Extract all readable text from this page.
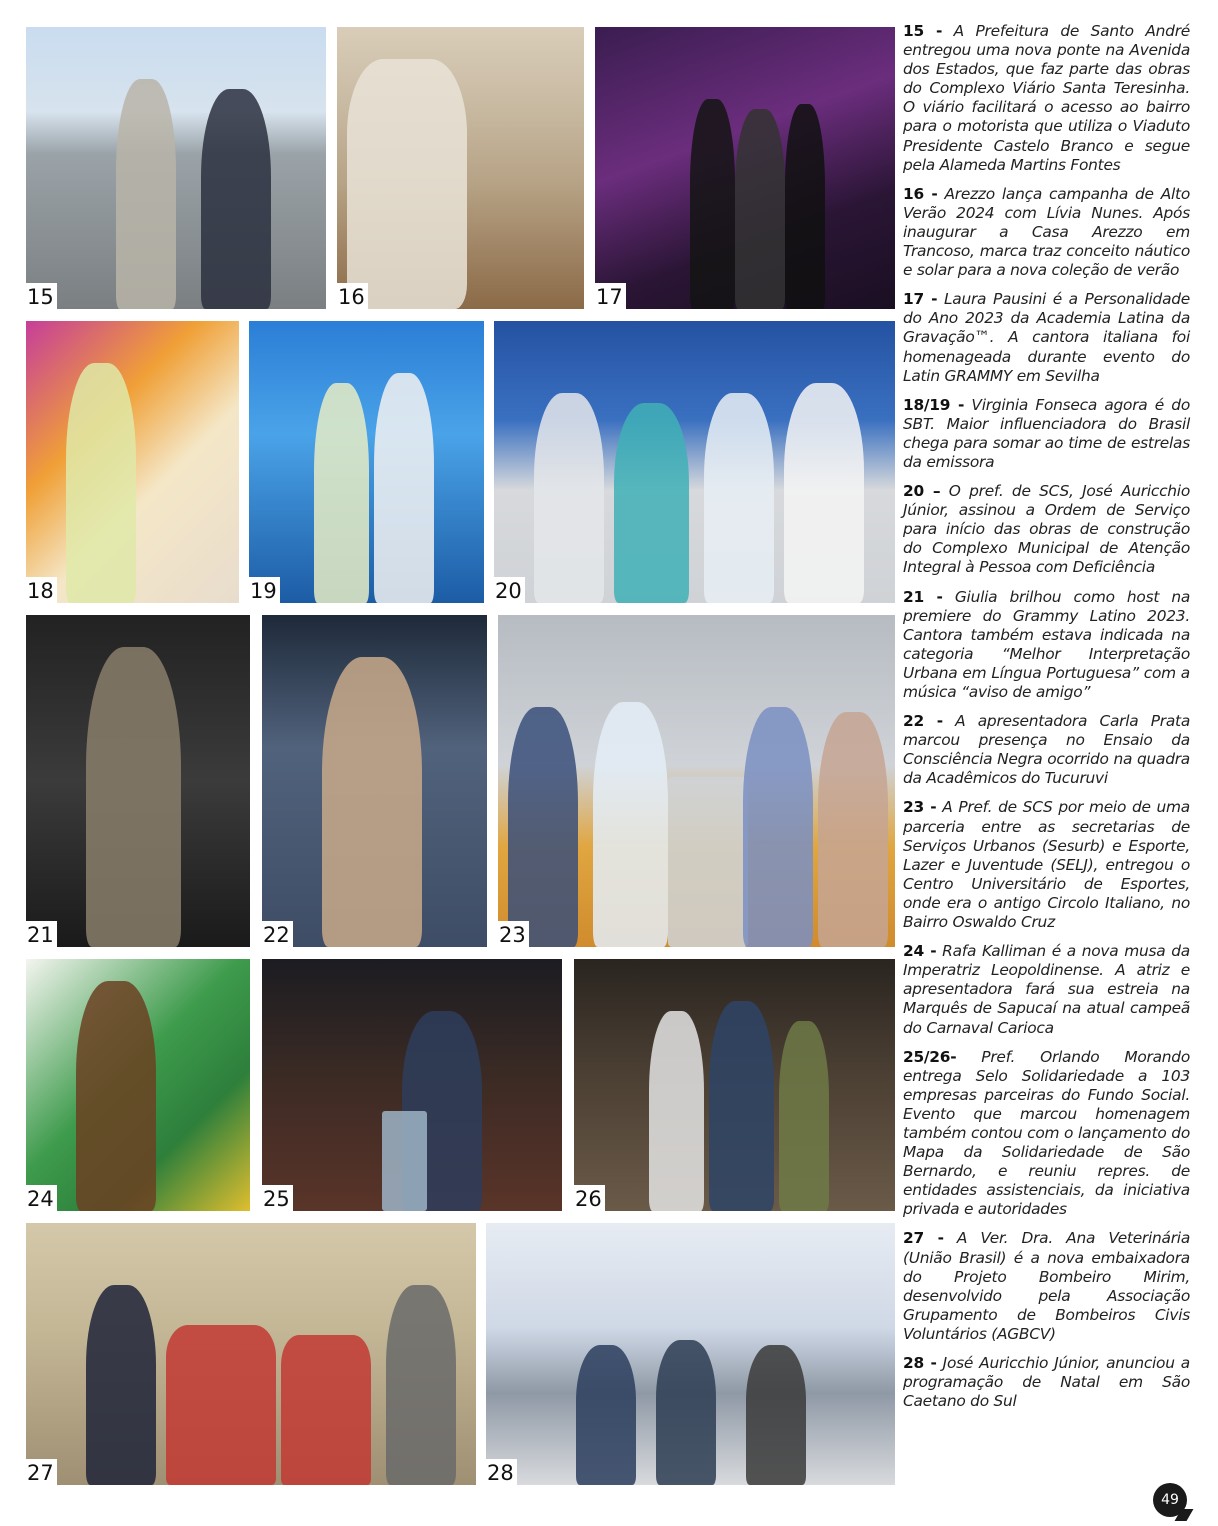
15	16	17
18	19	20
21	22	23
24	25	26
27	28

15 - A Prefeitura de Santo André entregou uma nova ponte na Avenida dos Estados, que faz parte das obras do Complexo Viário Santa Teresinha. O viário facilitará o acesso ao bairro para o motorista que utiliza o Viaduto Presidente Castelo Branco e segue pela Alameda Martins Fontes

16 - Arezzo lança campanha de Alto Verão 2024 com Lívia Nunes. Após inaugurar a Casa Arezzo em Trancoso, marca traz conceito náutico e solar para a nova coleção de verão

17 - Laura Pausini é a Personalidade do Ano 2023 da Academia Latina da Gravação™. A cantora italiana foi homenageada durante evento do Latin GRAMMY em Sevilha

18/19 - Virginia Fonseca agora é do SBT. Maior influenciadora do Brasil chega para somar ao time de estrelas da emissora

20 – O pref. de SCS, José Auricchio Júnior, assinou a Ordem de Serviço para início das obras de construção do Complexo Municipal de Atenção Integral à Pessoa com Deficiência

21 - Giulia brilhou como host na premiere do Grammy Latino 2023. Cantora também estava indicada na categoria “Melhor Interpretação Urbana em Língua Portuguesa” com a música “aviso de amigo”

22 - A apresentadora Carla Prata marcou presença no Ensaio da Consciência Negra ocorrido na quadra da Acadêmicos do Tucuruvi

23 - A Pref. de SCS por meio de uma parceria entre as secretarias de Serviços Urbanos (Sesurb) e Esporte, Lazer e Juventude (SELJ), entregou o Centro Universitário de Esportes, onde era o antigo Circolo Italiano, no Bairro Oswaldo Cruz

24 - Rafa Kalliman é a nova musa da Imperatriz Leopoldinense. A atriz e apresentadora fará sua estreia na Marquês de Sapucaí na atual campeã do Carnaval Carioca

25/26- Pref. Orlando Morando entrega Selo Solidariedade a 103 empresas parceiras do Fundo Social. Evento que marcou homenagem também contou com o lançamento do Mapa da Solidariedade de São Bernardo, e reuniu repres. de entidades assistenciais, da iniciativa privada e autoridades

27 - A Ver. Dra. Ana Veterinária (União Brasil) é a nova embaixadora do Projeto Bombeiro Mirim, desenvolvido pela Associação Grupamento de Bombeiros Civis Voluntários (AGBCV)

28 - José Auricchio Júnior, anunciou a programação de Natal em São Caetano do Sul

49
